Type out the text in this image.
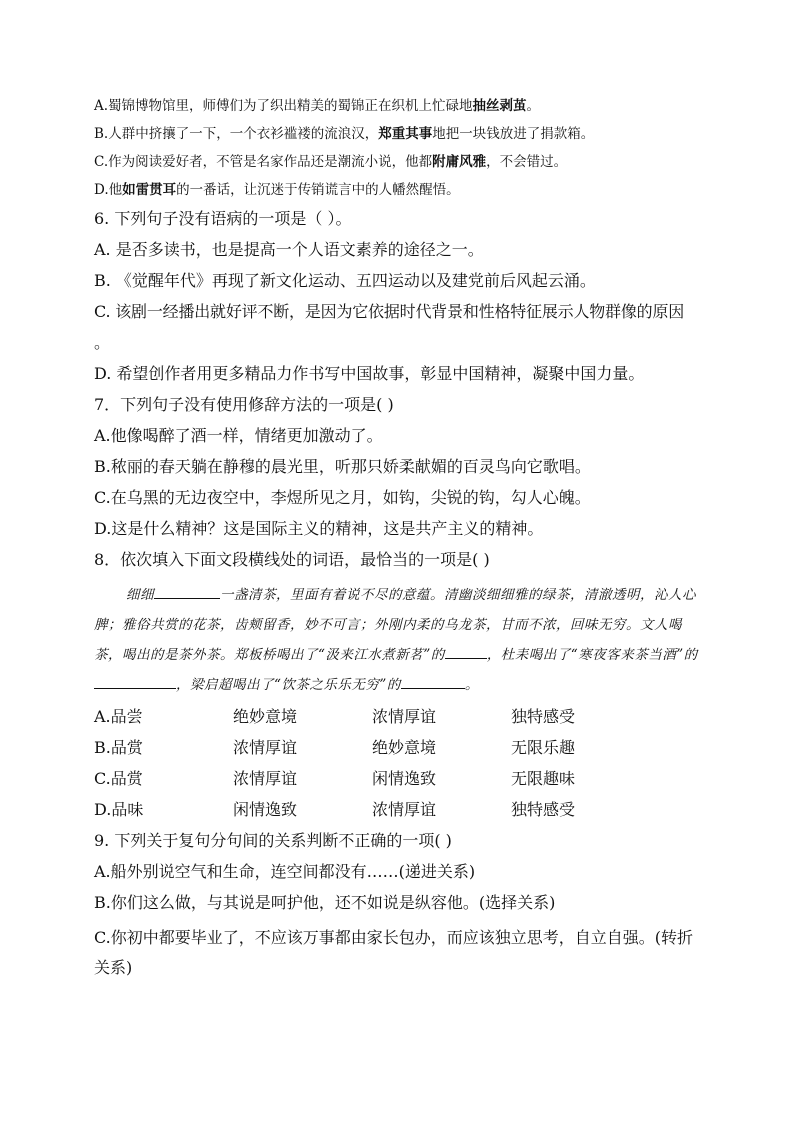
A.蜀锦博物馆里，师傅们为了织出精美的蜀锦正在织机上忙碌地抽丝剥茧。
B.人群中挤攘了一下，一个衣衫褴褛的流浪汉，郑重其事地把一块钱放进了捐款箱。
C.作为阅读爱好者，不管是名家作品还是潮流小说，他都附庸风雅，不会错过。
D.他如雷贯耳的一番话，让沉迷于传销谎言中的人幡然醒悟。
6. 下列句子没有语病的一项是（ ）。
A. 是否多读书，也是提高一个人语文素养的途径之一。
B. 《觉醒年代》再现了新文化运动、五四运动以及建党前后风起云涌。
C. 该剧一经播出就好评不断，是因为它依据时代背景和性格特征展示人物群像的原因
。
D. 希望创作者用更多精品力作书写中国故事，彰显中国精神，凝聚中国力量。
7．下列句子没有使用修辞方法的一项是( )
A.他像喝醉了酒一样，情绪更加激动了。
B.秾丽的春天躺在静穆的晨光里，听那只娇柔献媚的百灵鸟向它歌唱。
C.在乌黑的无边夜空中，李煜所见之月，如钩，尖锐的钩，勾人心魄。
D.这是什么精神？这是国际主义的精神，这是共产主义的精神。
8．依次填入下面文段横线处的词语，最恰当的一项是( )
细细	一盏清茶，里面有着说不尽的意蕴。清幽淡细细雅的绿茶，清澈透明，沁人心脾；雅俗共赏的花茶，齿颊留香，妙不可言；外刚内柔的乌龙茶，甘而不浓，回味无穷。文人喝茶，喝出的是茶外茶。郑板桥喝出了“汲来江水煮新茗”的	，杜耒喝出了“寒夜客来茶当酒”的，梁启超喝出了“饮茶之乐乐无穷”的	。
A.品尝	绝妙意境	浓情厚谊	独特感受
B.品赏	浓情厚谊	绝妙意境	无限乐趣
C.品赏	浓情厚谊	闲情逸致	无限趣味
D.品味	闲情逸致	浓情厚谊	独特感受
9. 下列关于复句分句间的关系判断不正确的一项( )
A.船外别说空气和生命，连空间都没有……(递进关系)
B.你们这么做，与其说是呵护他，还不如说是纵容他。(选择关系)
C.你初中都要毕业了，不应该万事都由家长包办，而应该独立思考，自立自强。(转折关系)
